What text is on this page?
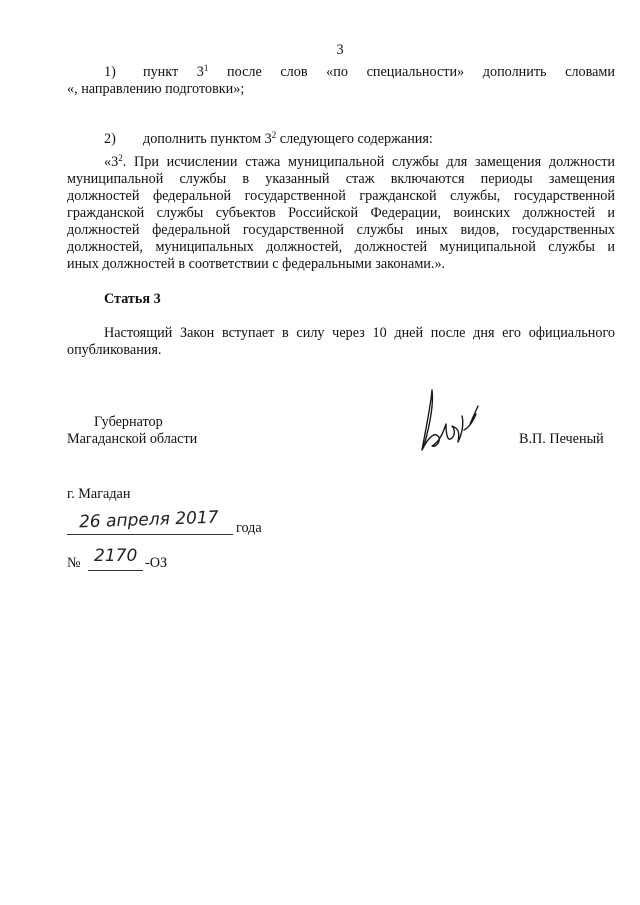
3
1) пункт $3^1$ после слов «по специальности» дополнить словами
«, направлению подготовки»;
2) дополнить пунктом $3^2$ следующего содержания:
«$3^2$. При исчислении стажа муниципальной службы для замещения должности
муниципальной службы в указанный стаж включаются периоды замещения
должностей федеральной государственной гражданской службы, государственной
гражданской службы субъектов Российской Федерации, воинских должностей и
должностей федеральной государственной службы иных видов, государственных
должностей, муниципальных должностей, должностей муниципальной службы и
иных должностей в соответствии с федеральными законами.».
Статья 3
Настоящий Закон вступает в силу через 10 дней после дня его официального
опубликования.
Губернатор
Магаданской области	В.П. Печеный
г. Магадан
26 апреля 2017 года
№ 2170 -ОЗ
